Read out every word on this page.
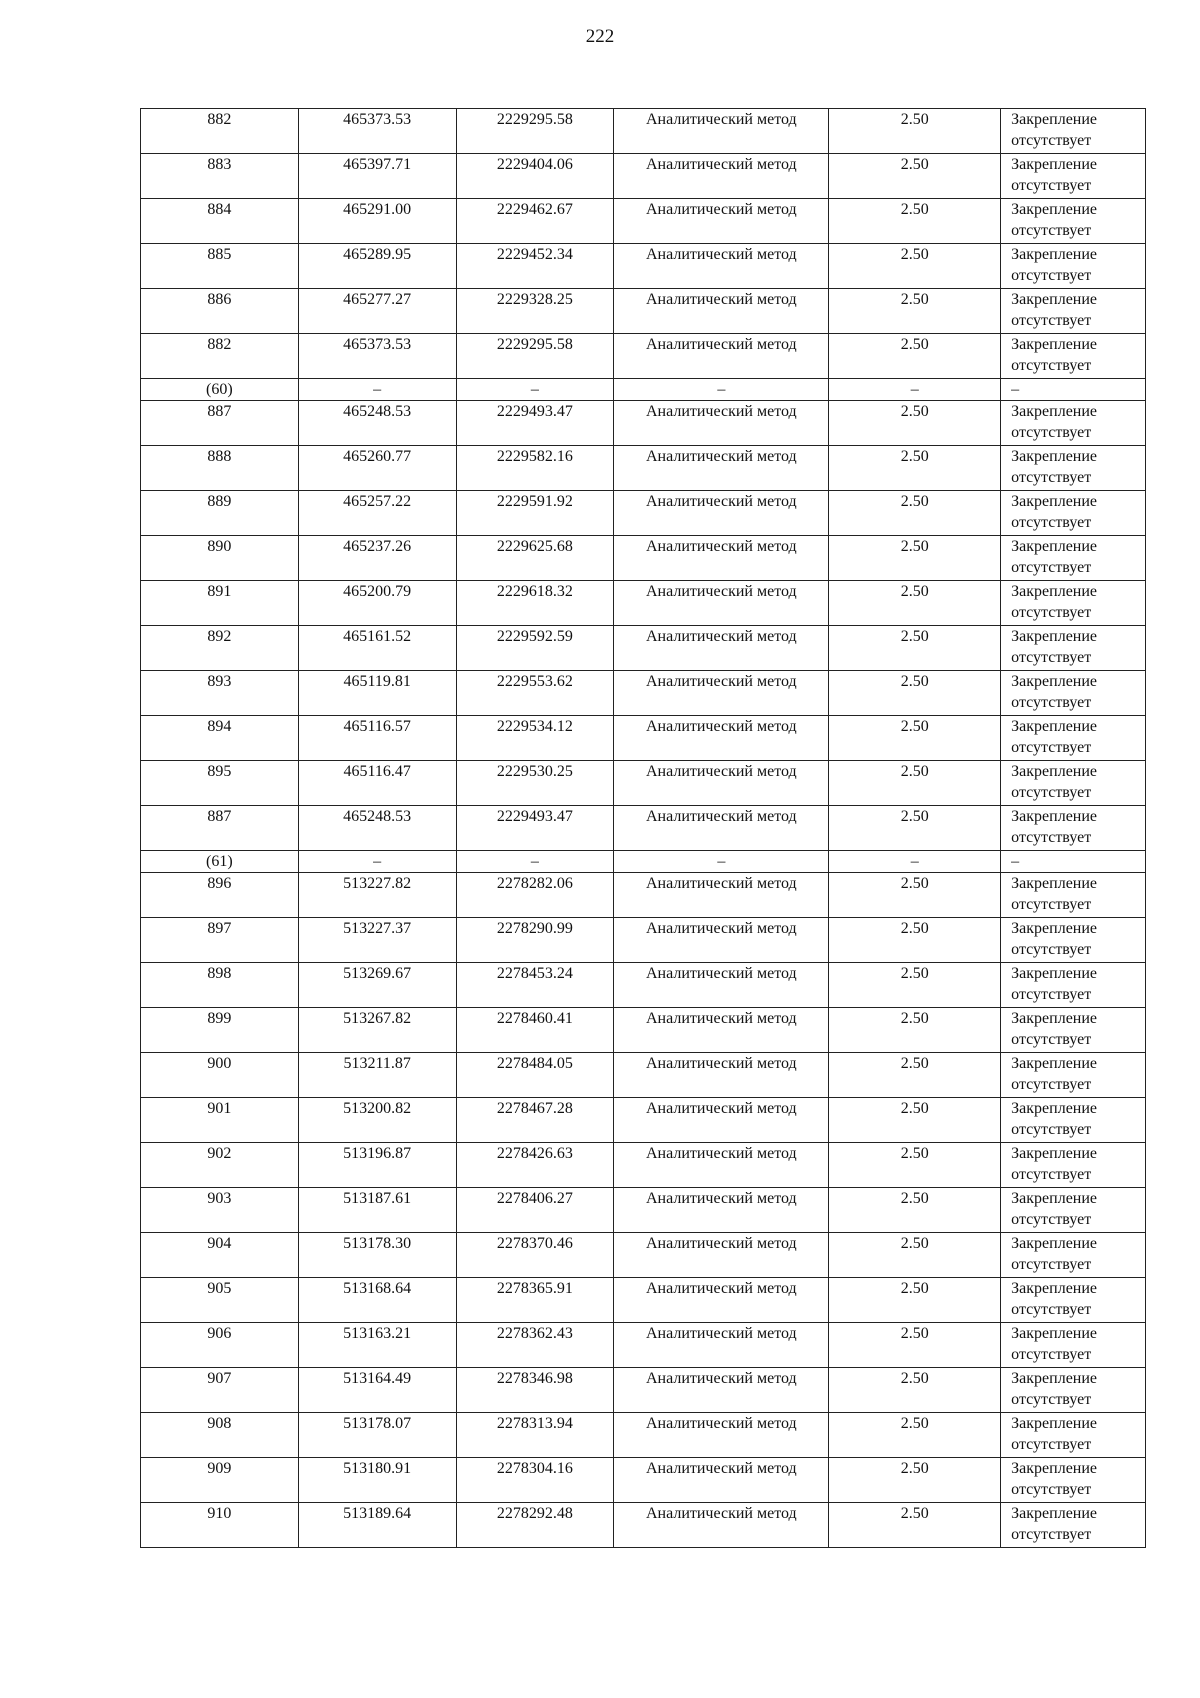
222
882	465373.53	2229295.58	Аналитический метод	2.50	Закрепление
отсутствует

883	465397.71	2229404.06	Аналитический метод	2.50	Закрепление
отсутствует

884	465291.00	2229462.67	Аналитический метод	2.50	Закрепление
отсутствует

885	465289.95	2229452.34	Аналитический метод	2.50	Закрепление
отсутствует

886	465277.27	2229328.25	Аналитический метод	2.50	Закрепление
отсутствует

882	465373.53	2229295.58	Аналитический метод	2.50	Закрепление
отсутствует

(60)	–	–	–	–	–

887	465248.53	2229493.47	Аналитический метод	2.50	Закрепление
отсутствует

888	465260.77	2229582.16	Аналитический метод	2.50	Закрепление
отсутствует

889	465257.22	2229591.92	Аналитический метод	2.50	Закрепление
отсутствует

890	465237.26	2229625.68	Аналитический метод	2.50	Закрепление
отсутствует

891	465200.79	2229618.32	Аналитический метод	2.50	Закрепление
отсутствует

892	465161.52	2229592.59	Аналитический метод	2.50	Закрепление
отсутствует

893	465119.81	2229553.62	Аналитический метод	2.50	Закрепление
отсутствует

894	465116.57	2229534.12	Аналитический метод	2.50	Закрепление
отсутствует

895	465116.47	2229530.25	Аналитический метод	2.50	Закрепление
отсутствует

887	465248.53	2229493.47	Аналитический метод	2.50	Закрепление
отсутствует

(61)	–	–	–	–	–

896	513227.82	2278282.06	Аналитический метод	2.50	Закрепление
отсутствует

897	513227.37	2278290.99	Аналитический метод	2.50	Закрепление
отсутствует

898	513269.67	2278453.24	Аналитический метод	2.50	Закрепление
отсутствует

899	513267.82	2278460.41	Аналитический метод	2.50	Закрепление
отсутствует

900	513211.87	2278484.05	Аналитический метод	2.50	Закрепление
отсутствует

901	513200.82	2278467.28	Аналитический метод	2.50	Закрепление
отсутствует

902	513196.87	2278426.63	Аналитический метод	2.50	Закрепление
отсутствует

903	513187.61	2278406.27	Аналитический метод	2.50	Закрепление
отсутствует

904	513178.30	2278370.46	Аналитический метод	2.50	Закрепление
отсутствует

905	513168.64	2278365.91	Аналитический метод	2.50	Закрепление
отсутствует

906	513163.21	2278362.43	Аналитический метод	2.50	Закрепление
отсутствует

907	513164.49	2278346.98	Аналитический метод	2.50	Закрепление
отсутствует

908	513178.07	2278313.94	Аналитический метод	2.50	Закрепление
отсутствует

909	513180.91	2278304.16	Аналитический метод	2.50	Закрепление
отсутствует

910	513189.64	2278292.48	Аналитический метод	2.50	Закрепление
отсутствует
